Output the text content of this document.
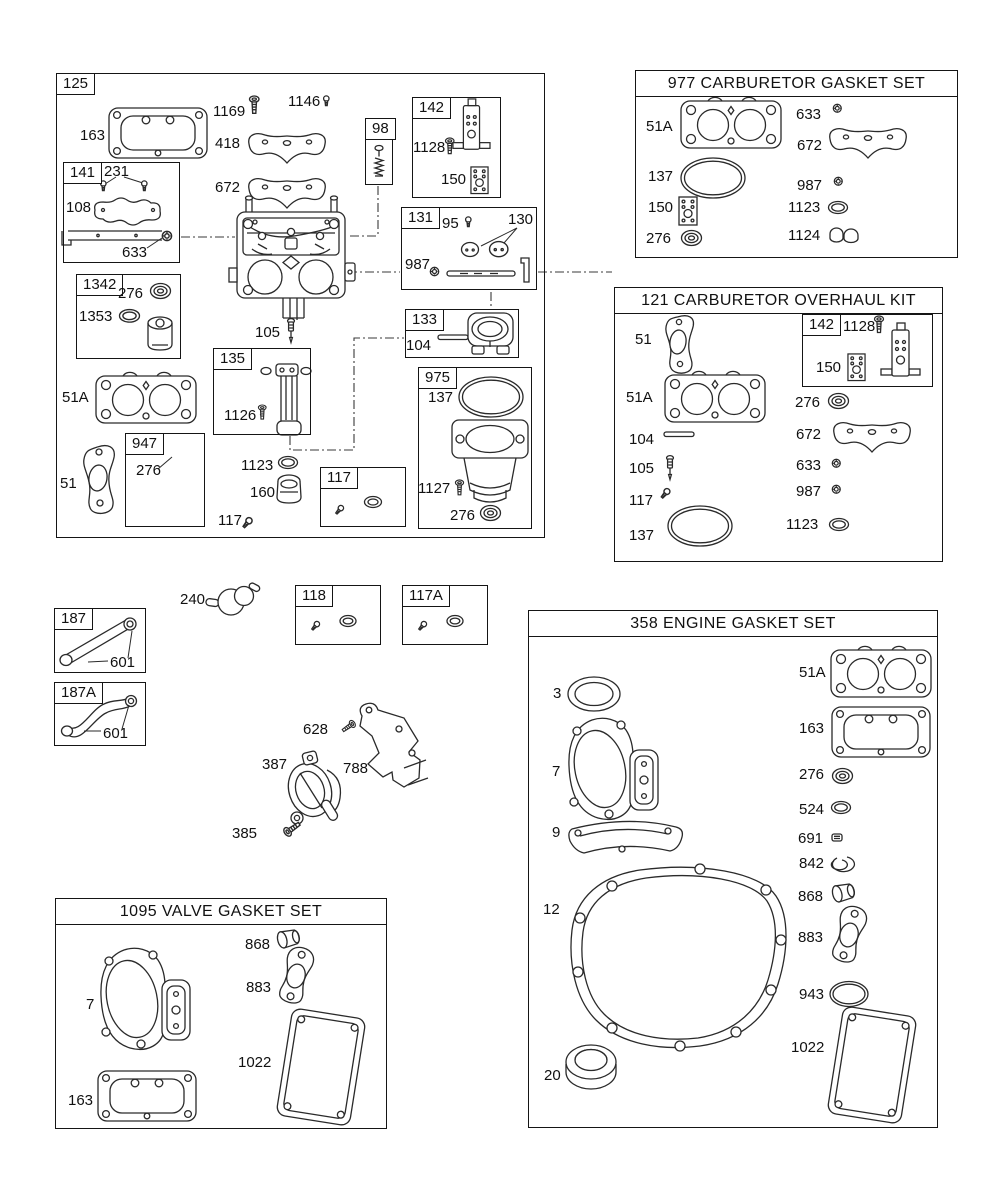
977 CARBURETOR GASKET SET
121 CARBURETOR OVERHAUL KIT
358 ENGINE GASKET SET
1095 VALVE GASKET SET
125
141
98
142
131
1342
135
133
975
947
117
187
187A
118	117A
142
163
1169
1146
418
672
231
108
633
1128
150
95	130
987
276
1353
105
51A
1126
276
51
104
137
1127
276
1123
160
117
51A
633
672
137
987
150	1123
276	1124
51
51A
104
105
117
137
1128
150
276
672
633
987
1123
240
601
601	628
788
387
385
868
883
7
1022
163
3
7
9
12
20
51A
163
276
524
691
842
868
883
943
1022
